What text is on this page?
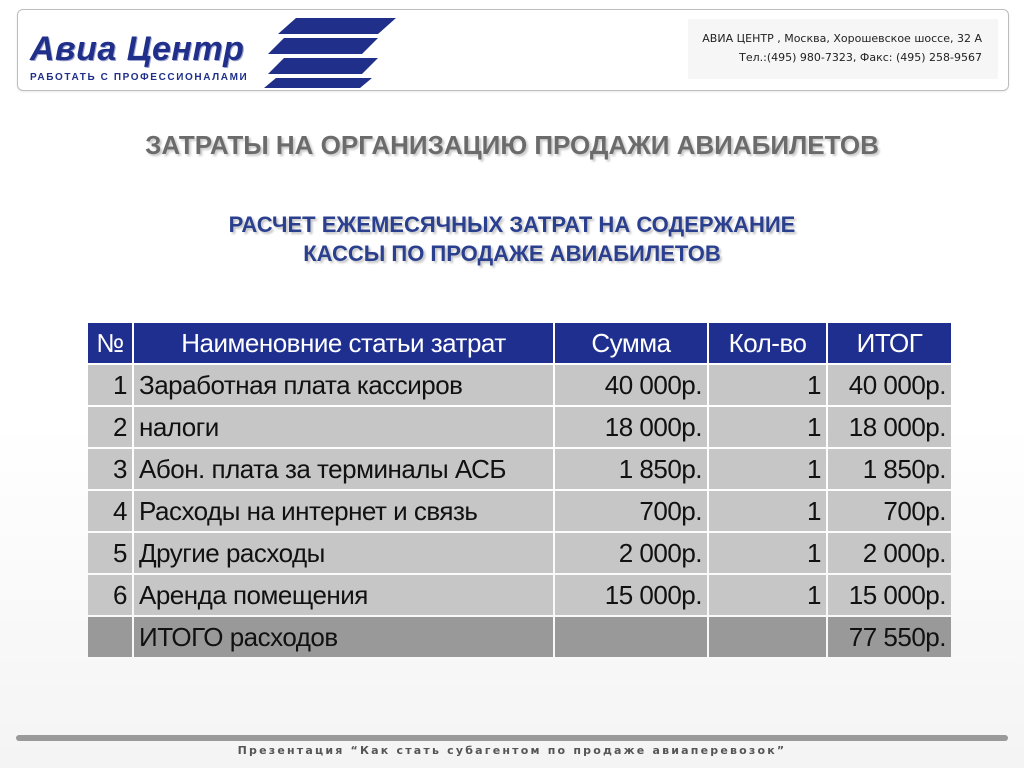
Авиа Центр
РАБОТАТЬ С ПРОФЕССИОНАЛАМИ
АВИА ЦЕНТР , Москва, Хорошевское шоссе, 32 А
Тел.:(495) 980-7323, Факс: (495) 258-9567
ЗАТРАТЫ НА ОРГАНИЗАЦИЮ ПРОДАЖИ АВИАБИЛЕТОВ
РАСЧЕТ ЕЖЕМЕСЯЧНЫХ ЗАТРАТ НА СОДЕРЖАНИЕ
КАССЫ ПО ПРОДАЖЕ АВИАБИЛЕТОВ
№	Наименовние статьи затрат	Сумма	Кол-во	ИТОГ
1	Заработная плата кассиров	40 000р.	1	40 000р.
2	налоги	18 000р.	1	18 000р.
3	Абон. плата за терминалы АСБ	1 850р.	1	1 850р.
4	Расходы на интернет и связь	700р.	1	700р.
5	Другие расходы	2 000р.	1	2 000р.
6	Аренда помещения	15 000р.	1	15 000р.
	ИТОГО расходов			77 550р.
Презентация “Как стать субагентом по продаже авиаперевозок”
